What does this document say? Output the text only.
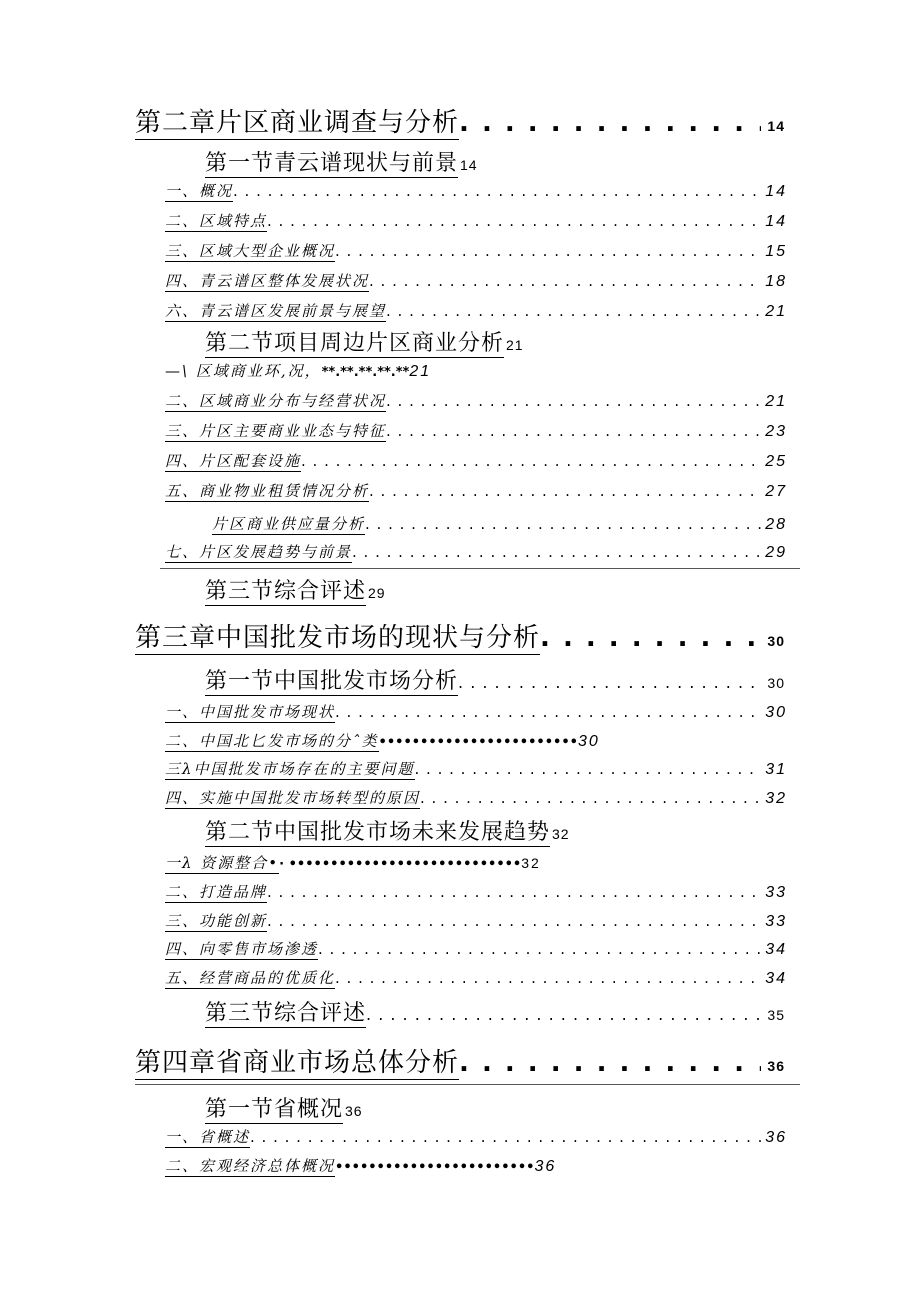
第二章片区商业调查与分析 . . .	14
第一节青云谱现状与前景 14
一、概况 . . .	14
二、区域特点 . . .	14
三、区域大型企业概况 . . .	15
四、青云谱区整体发展状况 . . .	18
六、青云谱区发展前景与展望 . . .	21
第二节项目周边片区商业分析 21
—\ 区域商业环,况， **.**.**.**.** 21
二、区域商业分布与经营状况 . . .	21
三、片区主要商业业态与特征 . . .	23
四、片区配套设施 . . .	25
五、商业物业租赁情况分析 . . .	27
片区商业供应量分析 . . .	28
七、片区发展趋势与前景 . . .	29
第三节综合评述 29
第三章中国批发市场的现状与分析 . . .	30
第一节中国批发市场分析 . . .	30
一、中国批发市场现状 . . .	30
二、中国北匕发市场的分ˆ类 •••••••••••••••••••••••• 30
三λ中国批发市场存在的主要问题 . . .	31
四、实施中国批发市场转型的原因 . . .	32
第二节中国批发市场未来发展趋势 32
一λ 资源整合• · •••••••••••••••••••••••••••• 32
二、打造品牌 . . .	33
三、功能创新 . . .	33
四、向零售市场渗透 . . .	34
五、经营商品的优质化 . . .	34
第三节综合评述 . . .	35
第四章省商业市场总体分析 . . .	36
第一节省概况 36
一、省概述 . . .	36
二、宏观经济总体概况 •••••••••••••••••••••••• 36
